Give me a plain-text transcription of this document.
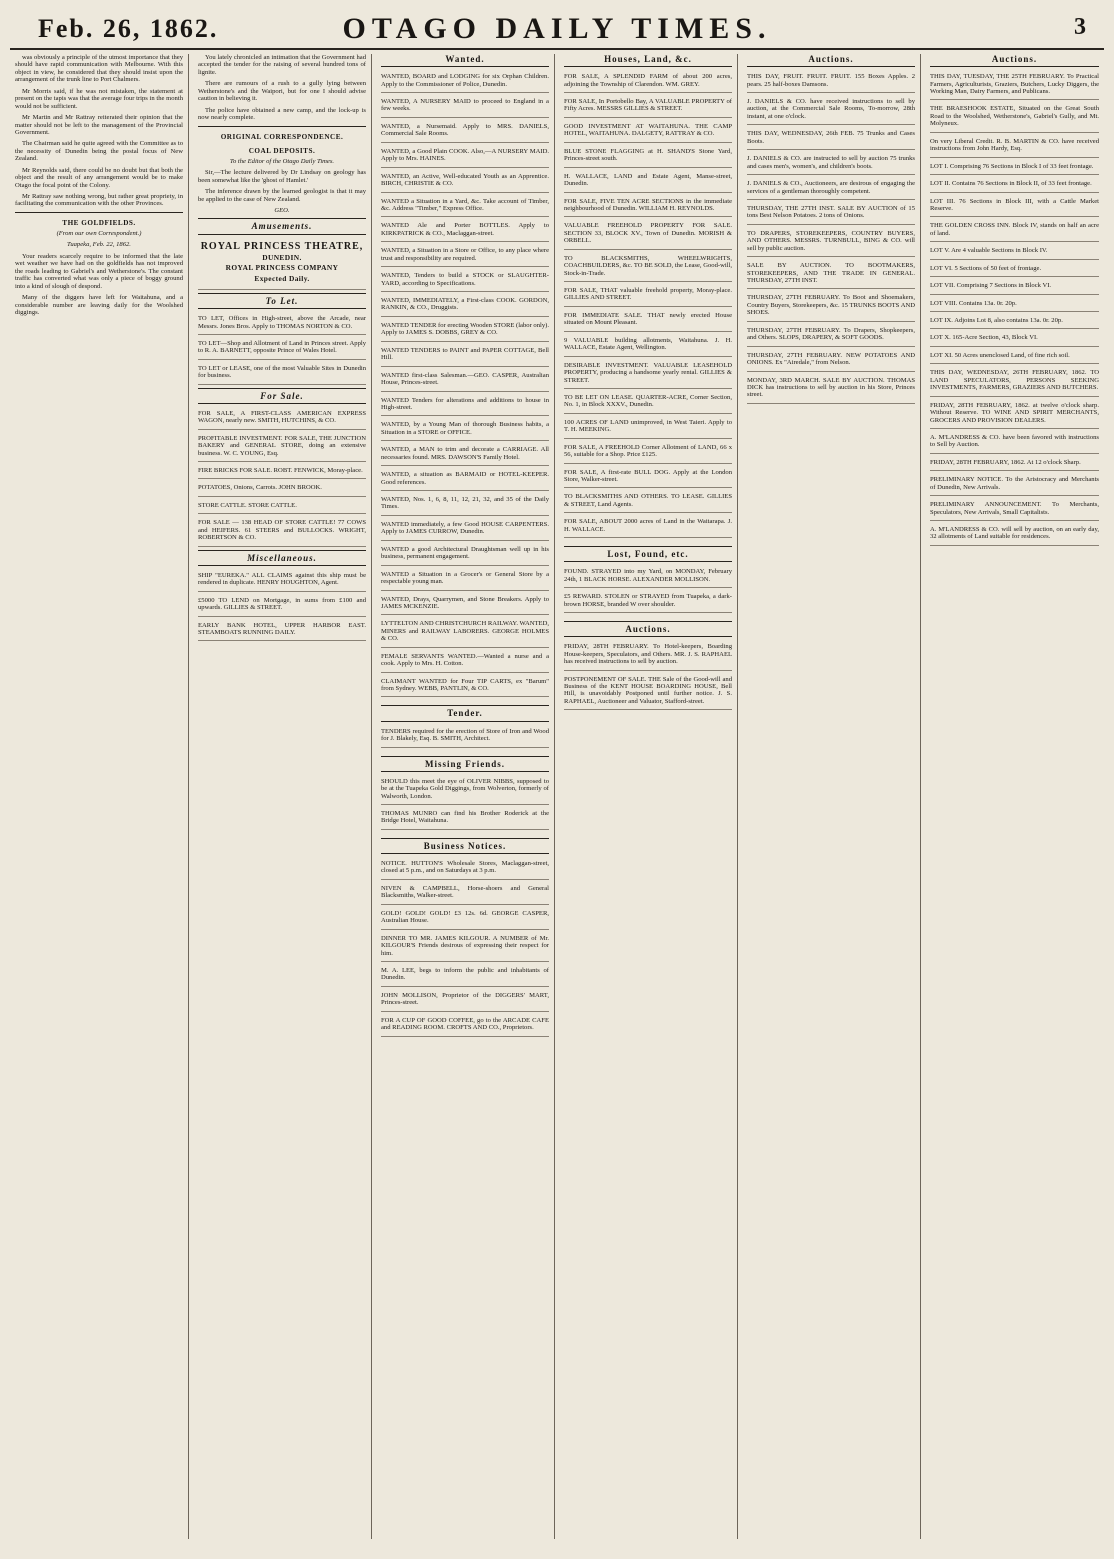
Feb. 26, 1862.	OTAGO DAILY TIMES.	3

was obviously a principle of the utmost importance that they should have rapid communication with Melbourne. With this object in view, he considered that they should insist upon the arrangement of the trunk line to Port Chalmers.

Mr Morris said, if he was not mistaken, the statement at present on the tapis was that the average four trips in the month would not be sufficient.

Mr Martin and Mr Rattray reiterated their opinion that the matter should not be left to the management of the Provincial Government.

The Chairman said he quite agreed with the Committee as to the necessity of Dunedin being the postal focus of New Zealand.

Mr Reynolds said, there could be no doubt but that both the object and the result of any arrangement would be to make Otago the focal point of the Colony.

Mr Rattray saw nothing wrong, but rather great propriety, in facilitating the communication with the other Provinces.

THE GOLDFIELDS.

(From our own Correspondent.)

Tuapeka, Feb. 22, 1862.

Your readers scarcely require to be informed that the late wet weather we have had on the goldfields has not improved the roads leading to Gabriel's and Wetherstone's. The constant traffic has converted what was only a piece of boggy ground into a kind of slough of despond.

Many of the diggers have left for Waitahuna, and a considerable number are leaving daily for the Woolshed diggings.

You lately chronicled an intimation that the Government had accepted the tender for the raising of several hundred tons of lignite.

There are rumours of a rush to a gully lying between Wetherstone's and the Waipori, but for one I should advise caution in believing it.

The police have obtained a new camp, and the lock-up is now nearly complete.

ORIGINAL CORRESPONDENCE.

COAL DEPOSITS.

To the Editor of the Otago Daily Times.

Sir,—The lecture delivered by Dr Lindsay on geology has been somewhat like the 'ghost of Hamlet.'

The inference drawn by the learned geologist is that it may be applied to the case of New Zealand.

GEO.

Amusements.
ROYAL PRINCESS THEATRE,
DUNEDIN.
ROYAL PRINCESS COMPANY
Expected Daily.
To Let.
TO LET, Offices in High-street, above the Arcade, near Messrs. Jones Bros. Apply to THOMAS NORTON & CO.
TO LET—Shop and Allotment of Land in Princes street. Apply to R. A. BARNETT, opposite Prince of Wales Hotel.
TO LET or LEASE, one of the most Valuable Sites in Dunedin for business.
For Sale.
FOR SALE, A FIRST-CLASS AMERICAN EXPRESS WAGON, nearly new. SMITH, HUTCHINS, & CO.
PROFITABLE INVESTMENT. FOR SALE, THE JUNCTION BAKERY and GENERAL STORE, doing an extensive business. W. C. YOUNG, Esq.
FIRE BRICKS FOR SALE. ROBT. FENWICK, Moray-place.
POTATOES, Onions, Carrots. JOHN BROOK.
STORE CATTLE. STORE CATTLE.
FOR SALE — 138 HEAD OF STORE CATTLE! 77 COWS and HEIFERS. 61 STEERS and BULLOCKS. WRIGHT, ROBERTSON & CO.
Miscellaneous.
SHIP "EUREKA." ALL CLAIMS against this ship must be rendered in duplicate. HENRY HOUGHTON, Agent.
£5000 TO LEND on Mortgage, in sums from £100 and upwards. GILLIES & STREET.
EARLY BANK HOTEL, UPPER HARBOR EAST. STEAMBOATS RUNNING DAILY.
Wanted.
WANTED, BOARD and LODGING for six Orphan Children. Apply to the Commissioner of Police, Dunedin.
WANTED, A NURSERY MAID to proceed to England in a few weeks.
WANTED, a Nursemaid. Apply to MRS. DANIELS, Commercial Sale Rooms.
WANTED, a Good Plain COOK. Also,—A NURSERY MAID. Apply to Mrs. HAINES.
WANTED, an Active, Well-educated Youth as an Apprentice. BIRCH, CHRISTIE & CO.
WANTED a Situation in a Yard, &c. Take account of Timber, &c. Address "Timber," Express Office.
WANTED Ale and Porter BOTTLES. Apply to KIRKPATRICK & CO., Maclaggan-street.
WANTED, a Situation in a Store or Office, to any place where trust and responsibility are required.
WANTED, Tenders to build a STOCK or SLAUGHTER-YARD, according to Specifications.
WANTED, IMMEDIATELY, a First-class COOK. GORDON, RANKIN, & CO., Druggists.
WANTED TENDER for erecting Wooden STORE (labor only). Apply to JAMES S. DOBBS, GREY & CO.
WANTED TENDERS to PAINT and PAPER COTTAGE, Bell Hill.
WANTED first-class Salesman.—GEO. CASPER, Australian House, Princes-street.
WANTED Tenders for alterations and additions to house in High-street.
WANTED, by a Young Man of thorough Business habits, a Situation in a STORE or OFFICE.
WANTED, a MAN to trim and decorate a CARRIAGE. All necessaries found. MRS. DAWSON'S Family Hotel.
WANTED, a situation as BARMAID or HOTEL-KEEPER. Good references.
WANTED, Nos. 1, 6, 8, 11, 12, 21, 32, and 35 of the Daily Times.
WANTED immediately, a few Good HOUSE CARPENTERS. Apply to JAMES CURROW, Dunedin.
WANTED a good Architectural Draughtsman well up in his business, permanent engagement.
WANTED a Situation in a Grocer's or General Store by a respectable young man.
WANTED, Drays, Quarrymen, and Stone Breakers. Apply to JAMES MCKENZIE.
LYTTELTON AND CHRISTCHURCH RAILWAY. WANTED, MINERS and RAILWAY LABORERS. GEORGE HOLMES & CO.
FEMALE SERVANTS WANTED.—Wanted a nurse and a cook. Apply to Mrs. H. Cotton.
CLAIMANT WANTED for Four TIP CARTS, ex "Barum" from Sydney. WEBB, PANTLIN, & CO.
Tender.
TENDERS required for the erection of Store of Iron and Wood for J. Blakely, Esq. B. SMITH, Architect.
Missing Friends.
SHOULD this meet the eye of OLIVER NIBBS, supposed to be at the Tuapeka Gold Diggings, from Wolverton, formerly of Walworth, London.
THOMAS MUNRO can find his Brother Roderick at the Bridge Hotel, Waitahuna.
Business Notices.
NOTICE. HUTTON'S Wholesale Stores, Maclaggan-street, closed at 5 p.m., and on Saturdays at 3 p.m.
NIVEN & CAMPBELL, Horse-shoers and General Blacksmiths, Walker-street.
GOLD! GOLD! GOLD! £3 12s. 6d. GEORGE CASPER, Australian House.
DINNER TO MR. JAMES KILGOUR. A NUMBER of Mr. KILGOUR'S Friends desirous of expressing their respect for him.
M. A. LEE, begs to inform the public and inhabitants of Dunedin.
JOHN MOLLISON, Proprietor of the DIGGERS' MART, Princes-street.
FOR A CUP OF GOOD COFFEE, go to the ARCADE CAFE and READING ROOM. CROFTS AND CO., Proprietors.
Houses, Land, &c.
FOR SALE, A SPLENDID FARM of about 200 acres, adjoining the Township of Clarendon. WM. GREY.
FOR SALE, In Portobello Bay, A VALUABLE PROPERTY of Fifty Acres. MESSRS GILLIES & STREET.
GOOD INVESTMENT AT WAITAHUNA. THE CAMP HOTEL, WAITAHUNA. DALGETY, RATTRAY & CO.
BLUE STONE FLAGGING at H. SHAND'S Stone Yard, Princes-street south.
H. WALLACE, LAND and Estate Agent, Manse-street, Dunedin.
FOR SALE, FIVE TEN ACRE SECTIONS in the immediate neighbourhood of Dunedin. WILLIAM H. REYNOLDS.
VALUABLE FREEHOLD PROPERTY FOR SALE. SECTION 33, BLOCK XV., Town of Dunedin. MORISH & ORBELL.
TO BLACKSMITHS, WHEELWRIGHTS, COACHBUILDERS, &c. TO BE SOLD, the Lease, Good-will, Stock-in-Trade.
FOR SALE, THAT valuable freehold property, Moray-place. GILLIES AND STREET.
FOR IMMEDIATE SALE. THAT newly erected House situated on Mount Pleasant.
9 VALUABLE building allotments, Waitahuna. J. H. WALLACE, Estate Agent, Wellington.
DESIRABLE INVESTMENT. VALUABLE LEASEHOLD PROPERTY, producing a handsome yearly rental. GILLIES & STREET.
TO BE LET ON LEASE. QUARTER-ACRE, Corner Section, No. 1, in Block XXXV., Dunedin.
100 ACRES OF LAND unimproved, in West Taieri. Apply to T. H. MEEKING.
FOR SALE, A FREEHOLD Corner Allotment of LAND, 66 x 56, suitable for a Shop. Price £125.
FOR SALE, A first-rate BULL DOG. Apply at the London Store, Walker-street.
TO BLACKSMITHS AND OTHERS. TO LEASE. GILLIES & STREET, Land Agents.
FOR SALE, ABOUT 2000 acres of Land in the Waitarapa. J. H. WALLACE.
Lost, Found, etc.
FOUND. STRAYED into my Yard, on MONDAY, February 24th, 1 BLACK HORSE. ALEXANDER MOLLISON.
£5 REWARD. STOLEN or STRAYED from Tuapeka, a dark-brown HORSE, branded W over shoulder.
Auctions.
FRIDAY, 28TH FEBRUARY. To Hotel-keepers, Boarding House-keepers, Speculators, and Others. MR. J. S. RAPHAEL has received instructions to sell by auction.
POSTPONEMENT OF SALE. THE Sale of the Good-will and Business of the KENT HOUSE BOARDING HOUSE, Bell Hill, is unavoidably Postponed until further notice. J. S. RAPHAEL, Auctioneer and Valuator, Stafford-street.
Auctions.
THIS DAY, FRUIT. FRUIT. FRUIT. 155 Boxes Apples. 2 pears. 25 half-boxes Damsons.
J. DANIELS & CO. have received instructions to sell by auction, at the Commercial Sale Rooms, To-morrow, 28th instant, at one o'clock.
THIS DAY, WEDNESDAY, 26th FEB. 75 Trunks and Cases Boots.
J. DANIELS & CO. are instructed to sell by auction 75 trunks and cases men's, women's, and children's boots.
J. DANIELS & CO., Auctioneers, are desirous of engaging the services of a gentleman thoroughly competent.
THURSDAY, THE 27TH INST. SALE BY AUCTION of 15 tons Best Nelson Potatoes. 2 tons of Onions.
TO DRAPERS, STOREKEEPERS, COUNTRY BUYERS, AND OTHERS. MESSRS. TURNBULL, BING & CO. will sell by public auction.
SALE BY AUCTION. TO BOOTMAKERS, STOREKEEPERS, AND THE TRADE IN GENERAL. THURSDAY, 27TH INST.
THURSDAY, 27TH FEBRUARY. To Boot and Shoemakers, Country Buyers, Storekeepers, &c. 15 TRUNKS BOOTS AND SHOES.
THURSDAY, 27TH FEBRUARY. To Drapers, Shopkeepers, and Others. SLOPS, DRAPERY, & SOFT GOODS.
THURSDAY, 27TH FEBRUARY. NEW POTATOES AND ONIONS. Ex "Airedale," from Nelson.
MONDAY, 3RD MARCH. SALE BY AUCTION. THOMAS DICK has instructions to sell by auction in his Store, Princes street.
Auctions.
THIS DAY, TUESDAY, THE 25TH FEBRUARY. To Practical Farmers, Agriculturists, Graziers, Butchers, Lucky Diggers, the Working Man, Dairy Farmers, and Publicans.
THE BRAESHOOK ESTATE, Situated on the Great South Road to the Woolshed, Wetherstone's, Gabriel's Gully, and Mt. Molyneux.
On very Liberal Credit. R. B. MARTIN & CO. have received instructions from John Hardy, Esq.
LOT I. Comprising 76 Sections in Block I of 33 feet frontage.
LOT II. Contains 76 Sections in Block II, of 33 feet frontage.
LOT III. 76 Sections in Block III, with a Cattle Market Reserve.
THE GOLDEN CROSS INN. Block IV, stands on half an acre of land.
LOT V. Are 4 valuable Sections in Block IV.
LOT VI. 5 Sections of 50 feet of frontage.
LOT VII. Comprising 7 Sections in Block VI.
LOT VIII. Contains 13a. 0r. 20p.
LOT IX. Adjoins Lot 8, also contains 13a. 0r. 20p.
LOT X. 165-Acre Section, 43, Block VI.
LOT XI. 50 Acres unenclosed Land, of fine rich soil.
THIS DAY, WEDNESDAY, 26TH FEBRUARY, 1862. TO LAND SPECULATORS, PERSONS SEEKING INVESTMENTS, FARMERS, GRAZIERS AND BUTCHERS.
FRIDAY, 28TH FEBRUARY, 1862. at twelve o'clock sharp. Without Reserve. TO WINE AND SPIRIT MERCHANTS, GROCERS AND PROVISION DEALERS.
A. M'LANDRESS & CO. have been favored with instructions to Sell by Auction.
FRIDAY, 28TH FEBRUARY, 1862. At 12 o'clock Sharp.
PRELIMINARY NOTICE. To the Aristocracy and Merchants of Dunedin, New Arrivals.
PRELIMINARY ANNOUNCEMENT. To Merchants, Speculators, New Arrivals, Small Capitalists.
A. M'LANDRESS & CO. will sell by auction, on an early day, 32 allotments of Land suitable for residences.
